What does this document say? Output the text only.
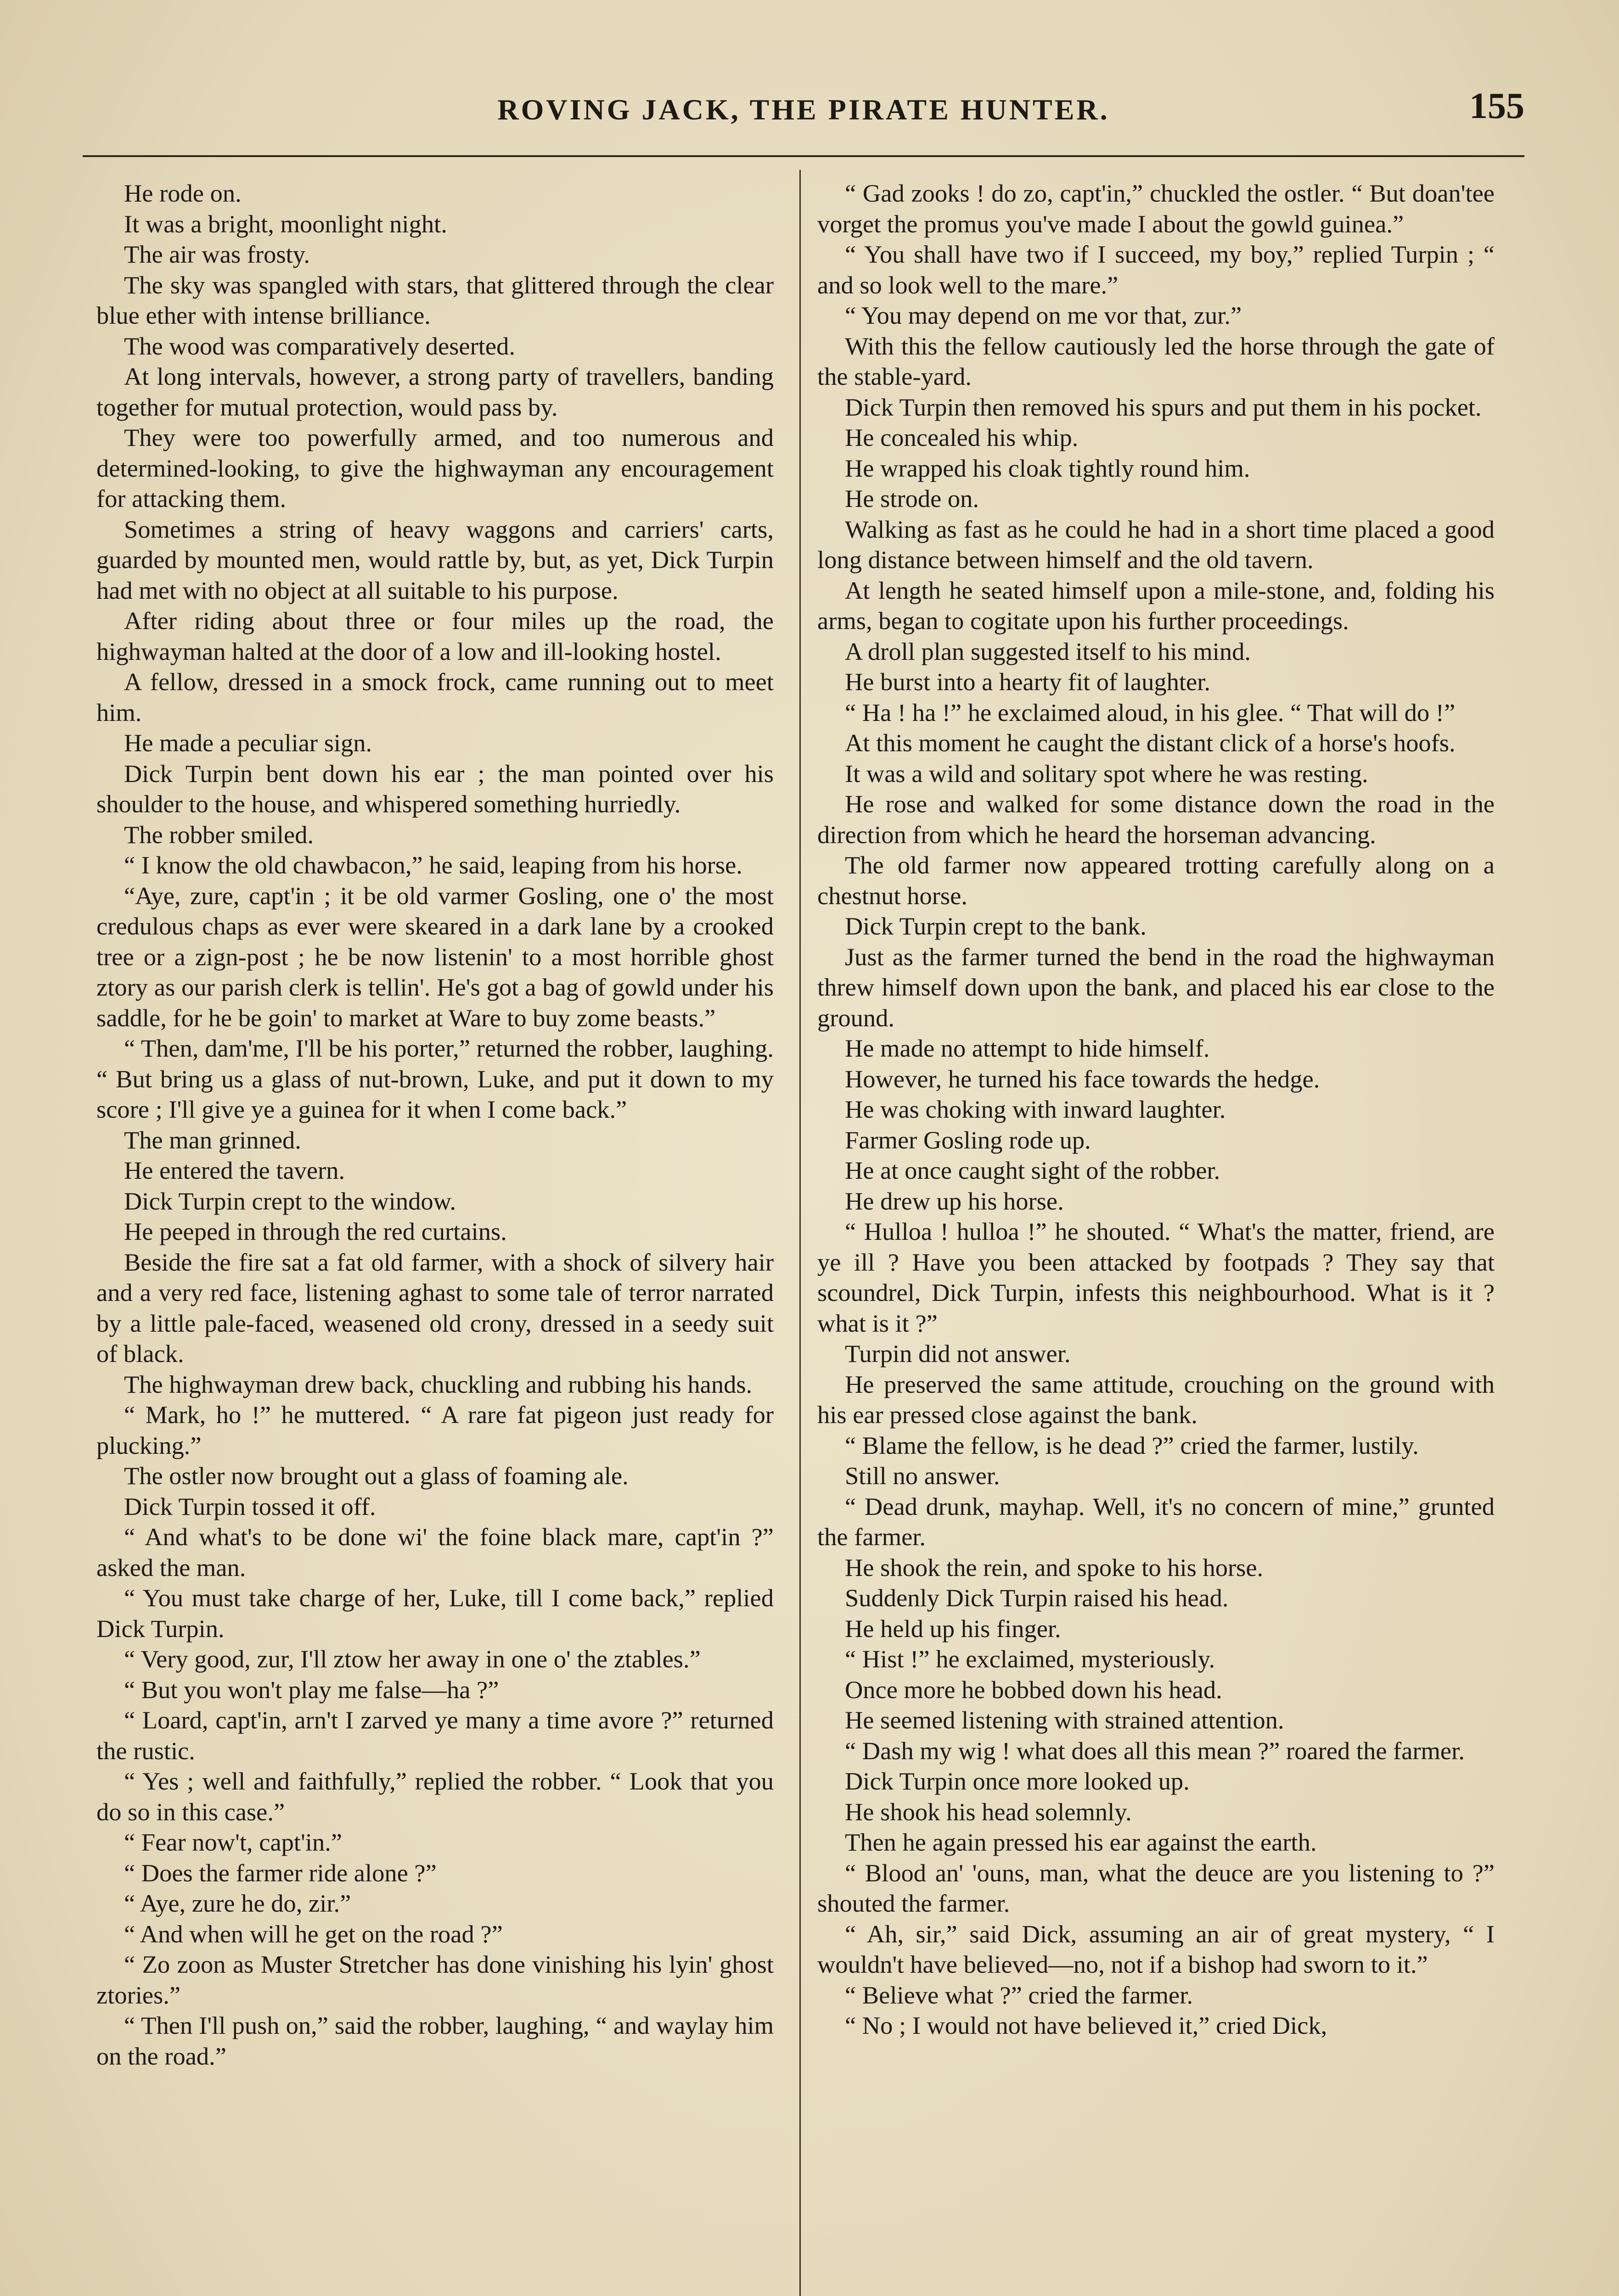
ROVING JACK, THE PIRATE HUNTER.	155

He rode on.

It was a bright, moonlight night.

The air was frosty.

The sky was spangled with stars, that glittered through the clear blue ether with intense brilliance.

The wood was comparatively deserted.

At long intervals, however, a strong party of travellers, banding together for mutual protection, would pass by.

They were too powerfully armed, and too numerous and determined-looking, to give the highwayman any encouragement for attacking them.

Sometimes a string of heavy waggons and carriers' carts, guarded by mounted men, would rattle by, but, as yet, Dick Turpin had met with no object at all suitable to his purpose.

After riding about three or four miles up the road, the highwayman halted at the door of a low and ill-looking hostel.

A fellow, dressed in a smock frock, came running out to meet him.

He made a peculiar sign.

Dick Turpin bent down his ear ; the man pointed over his shoulder to the house, and whispered something hurriedly.

The robber smiled.

“ I know the old chawbacon,” he said, leaping from his horse.

“Aye, zure, capt'in ; it be old varmer Gosling, one o' the most credulous chaps as ever were skeared in a dark lane by a crooked tree or a zign-post ; he be now listenin' to a most horrible ghost ztory as our parish clerk is tellin'. He's got a bag of gowld under his saddle, for he be goin' to market at Ware to buy zome beasts.”

“ Then, dam'me, I'll be his porter,” returned the robber, laughing. “ But bring us a glass of nut-brown, Luke, and put it down to my score ; I'll give ye a guinea for it when I come back.”

The man grinned.

He entered the tavern.

Dick Turpin crept to the window.

He peeped in through the red curtains.

Beside the fire sat a fat old farmer, with a shock of silvery hair and a very red face, listening aghast to some tale of terror narrated by a little pale-faced, weasened old crony, dressed in a seedy suit of black.

The highwayman drew back, chuckling and rubbing his hands.

“ Mark, ho !” he muttered. “ A rare fat pigeon just ready for plucking.”

The ostler now brought out a glass of foaming ale.

Dick Turpin tossed it off.

“ And what's to be done wi' the foine black mare, capt'in ?” asked the man.

“ You must take charge of her, Luke, till I come back,” replied Dick Turpin.

“ Very good, zur, I'll ztow her away in one o' the ztables.”

“ But you won't play me false—ha ?”

“ Loard, capt'in, arn't I zarved ye many a time avore ?” returned the rustic.

“ Yes ; well and faithfully,” replied the robber. “ Look that you do so in this case.”

“ Fear now't, capt'in.”

“ Does the farmer ride alone ?”

“ Aye, zure he do, zir.”

“ And when will he get on the road ?”

“ Zo zoon as Muster Stretcher has done vinishing his lyin' ghost ztories.”

“ Then I'll push on,” said the robber, laughing, “ and waylay him on the road.”

“ Gad zooks ! do zo, capt'in,” chuckled the ostler. “ But doan'tee vorget the promus you've made I about the gowld guinea.”

“ You shall have two if I succeed, my boy,” replied Turpin ; “ and so look well to the mare.”

“ You may depend on me vor that, zur.”

With this the fellow cautiously led the horse through the gate of the stable-yard.

Dick Turpin then removed his spurs and put them in his pocket.

He concealed his whip.

He wrapped his cloak tightly round him.

He strode on.

Walking as fast as he could he had in a short time placed a good long distance between himself and the old tavern.

At length he seated himself upon a mile-stone, and, folding his arms, began to cogitate upon his further proceedings.

A droll plan suggested itself to his mind.

He burst into a hearty fit of laughter.

“ Ha ! ha !” he exclaimed aloud, in his glee. “ That will do !”

At this moment he caught the distant click of a horse's hoofs.

It was a wild and solitary spot where he was resting.

He rose and walked for some distance down the road in the direction from which he heard the horseman advancing.

The old farmer now appeared trotting carefully along on a chestnut horse.

Dick Turpin crept to the bank.

Just as the farmer turned the bend in the road the highwayman threw himself down upon the bank, and placed his ear close to the ground.

He made no attempt to hide himself.

However, he turned his face towards the hedge.

He was choking with inward laughter.

Farmer Gosling rode up.

He at once caught sight of the robber.

He drew up his horse.

“ Hulloa ! hulloa !” he shouted. “ What's the matter, friend, are ye ill ? Have you been attacked by footpads ? They say that scoundrel, Dick Turpin, infests this neighbourhood. What is it ? what is it ?”

Turpin did not answer.

He preserved the same attitude, crouching on the ground with his ear pressed close against the bank.

“ Blame the fellow, is he dead ?” cried the farmer, lustily.

Still no answer.

“ Dead drunk, mayhap. Well, it's no concern of mine,” grunted the farmer.

He shook the rein, and spoke to his horse.

Suddenly Dick Turpin raised his head.

He held up his finger.

“ Hist !” he exclaimed, mysteriously.

Once more he bobbed down his head.

He seemed listening with strained attention.

“ Dash my wig ! what does all this mean ?” roared the farmer.

Dick Turpin once more looked up.

He shook his head solemnly.

Then he again pressed his ear against the earth.

“ Blood an' 'ouns, man, what the deuce are you listening to ?” shouted the farmer.

“ Ah, sir,” said Dick, assuming an air of great mystery, “ I wouldn't have believed—no, not if a bishop had sworn to it.”

“ Believe what ?” cried the farmer.

“ No ; I would not have believed it,” cried Dick,
